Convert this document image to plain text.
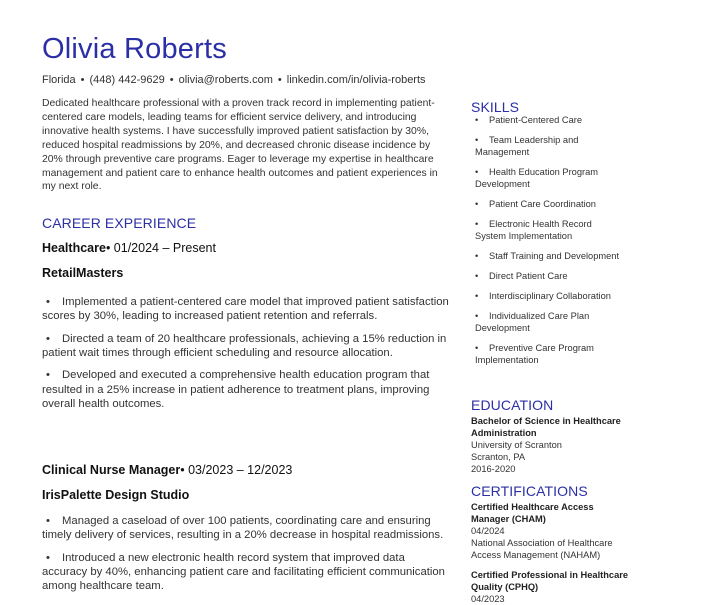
Olivia Roberts
Florida • (448) 442-9629 • olivia@roberts.com • linkedin.com/in/olivia-roberts
Dedicated healthcare professional with a proven track record in implementing patient-centered care models, leading teams for efficient service delivery, and introducing innovative health systems. I have successfully improved patient satisfaction by 30%, reduced hospital readmissions by 20%, and decreased chronic disease incidence by 20% through preventive care programs. Eager to leverage my expertise in healthcare management and patient care to enhance health outcomes and patient experiences in my next role.
CAREER EXPERIENCE
Healthcare• 01/2024 – Present
RetailMasters
• Implemented a patient-centered care model that improved patient satisfaction scores by 30%, leading to increased patient retention and referrals.
• Directed a team of 20 healthcare professionals, achieving a 15% reduction in patient wait times through efficient scheduling and resource allocation.
• Developed and executed a comprehensive health education program that resulted in a 25% increase in patient adherence to treatment plans, improving overall health outcomes.
Clinical Nurse Manager• 03/2023 – 12/2023
IrisPalette Design Studio
• Managed a caseload of over 100 patients, coordinating care and ensuring timely delivery of services, resulting in a 20% decrease in hospital readmissions.
• Introduced a new electronic health record system that improved data accuracy by 40%, enhancing patient care and facilitating efficient communication among healthcare team.
SKILLS
• Patient-Centered Care
• Team Leadership and Management
• Health Education Program Development
• Patient Care Coordination
• Electronic Health Record System Implementation
• Staff Training and Development
• Direct Patient Care
• Interdisciplinary Collaboration
• Individualized Care Plan Development
• Preventive Care Program Implementation
EDUCATION
Bachelor of Science in Healthcare Administration
University of Scranton
Scranton, PA
2016-2020
CERTIFICATIONS
Certified Healthcare Access Manager (CHAM)
04/2024
National Association of Healthcare Access Management (NAHAM)
Certified Professional in Healthcare Quality (CPHQ)
04/2023
